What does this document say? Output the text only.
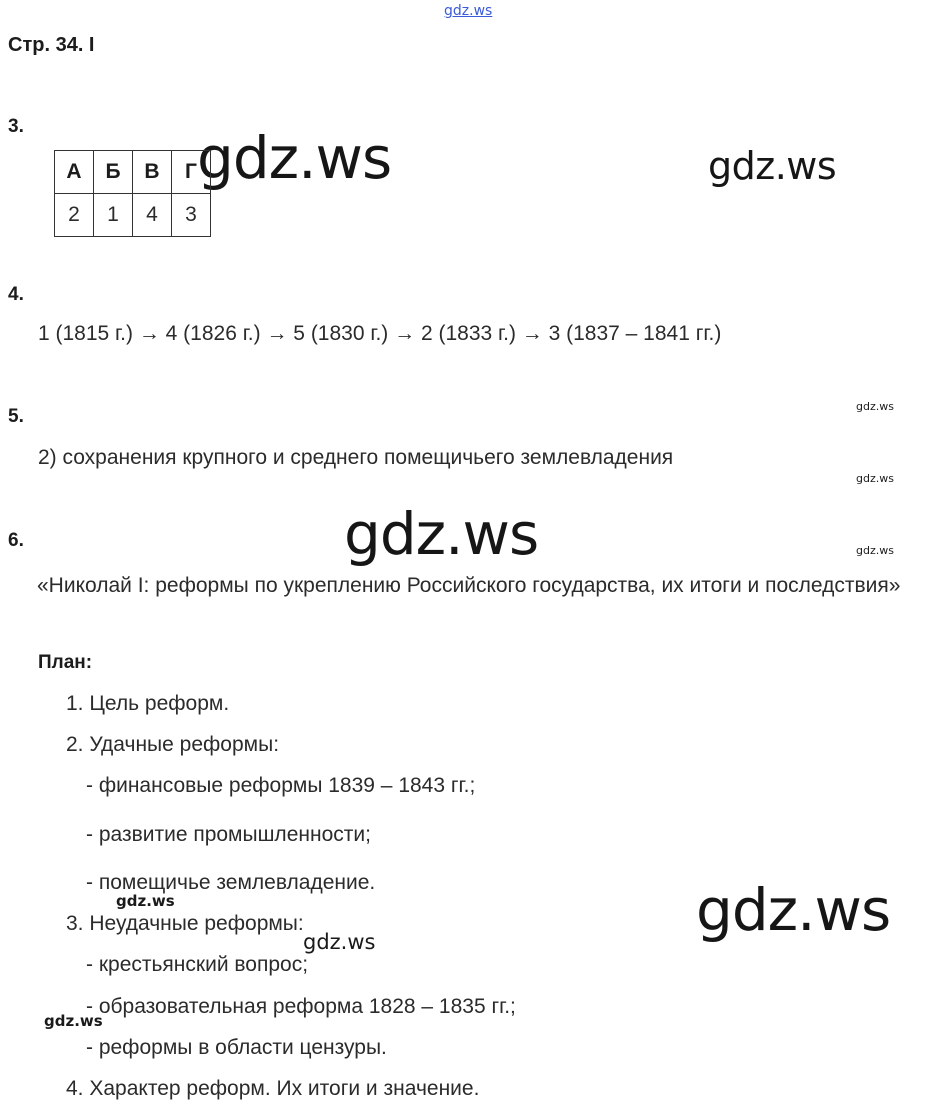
gdz.ws
gdz.ws	gdz.ws
gdz.ws
gdz.ws
gdz.ws	gdz.ws
gdz.ws
gdz.ws
gdz.ws
gdz.ws
Стр. 34. I
3.
А	Б	В	Г
2	1	4	3
4.
1 (1815 г.) → 4 (1826 г.) → 5 (1830 г.) → 2 (1833 г.) → 3 (1837 – 1841 гг.)
5.
2) сохранения крупного и среднего помещичьего землевладения
6.
«Николай I: реформы по укреплению Российского государства, их итоги и последствия»
План:
1. Цель реформ.
2. Удачные реформы:
- финансовые реформы 1839 – 1843 гг.;
- развитие промышленности;
- помещичье землевладение.
3. Неудачные реформы:
- крестьянский вопрос;
- образовательная реформа 1828 – 1835 гг.;
- реформы в области цензуры.
4. Характер реформ. Их итоги и значение.
